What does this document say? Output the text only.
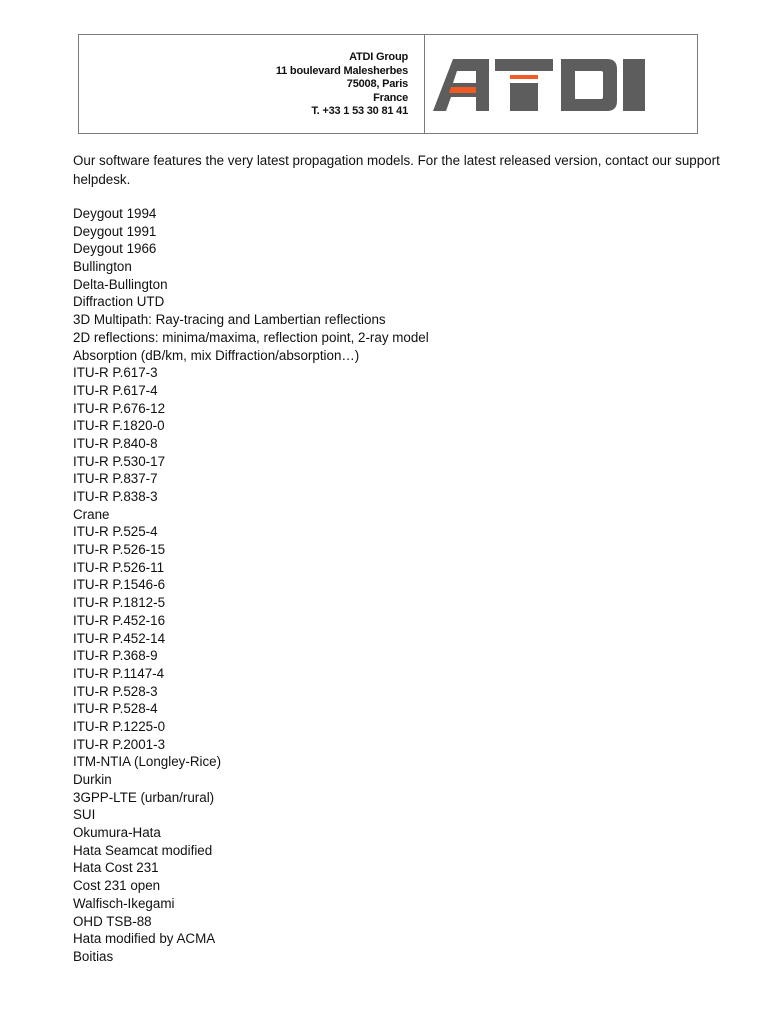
ATDI Group
11 boulevard Malesherbes
75008, Paris
France
T. +33 1 53 30 81 41

Our software features the very latest propagation models. For the latest released version, contact our support helpdesk.

Deygout 1994
Deygout 1991
Deygout 1966
Bullington
Delta-Bullington
Diffraction UTD
3D Multipath: Ray-tracing and Lambertian reflections
2D reflections: minima/maxima, reflection point, 2-ray model
Absorption (dB/km, mix Diffraction/absorption…)
ITU-R P.617-3
ITU-R P.617-4
ITU-R P.676-12
ITU-R F.1820-0
ITU-R P.840-8
ITU-R P.530-17
ITU-R P.837-7
ITU-R P.838-3
Crane
ITU-R P.525-4
ITU-R P.526-15
ITU-R P.526-11
ITU-R P.1546-6
ITU-R P.1812-5
ITU-R P.452-16
ITU-R P.452-14
ITU-R P.368-9
ITU-R P.1147-4
ITU-R P.528-3
ITU-R P.528-4
ITU-R P.1225-0
ITU-R P.2001-3
ITM-NTIA (Longley-Rice)
Durkin
3GPP-LTE (urban/rural)
SUI
Okumura-Hata
Hata Seamcat modified
Hata Cost 231
Cost 231 open
Walfisch-Ikegami
OHD TSB-88
Hata modified by ACMA
Boitias
